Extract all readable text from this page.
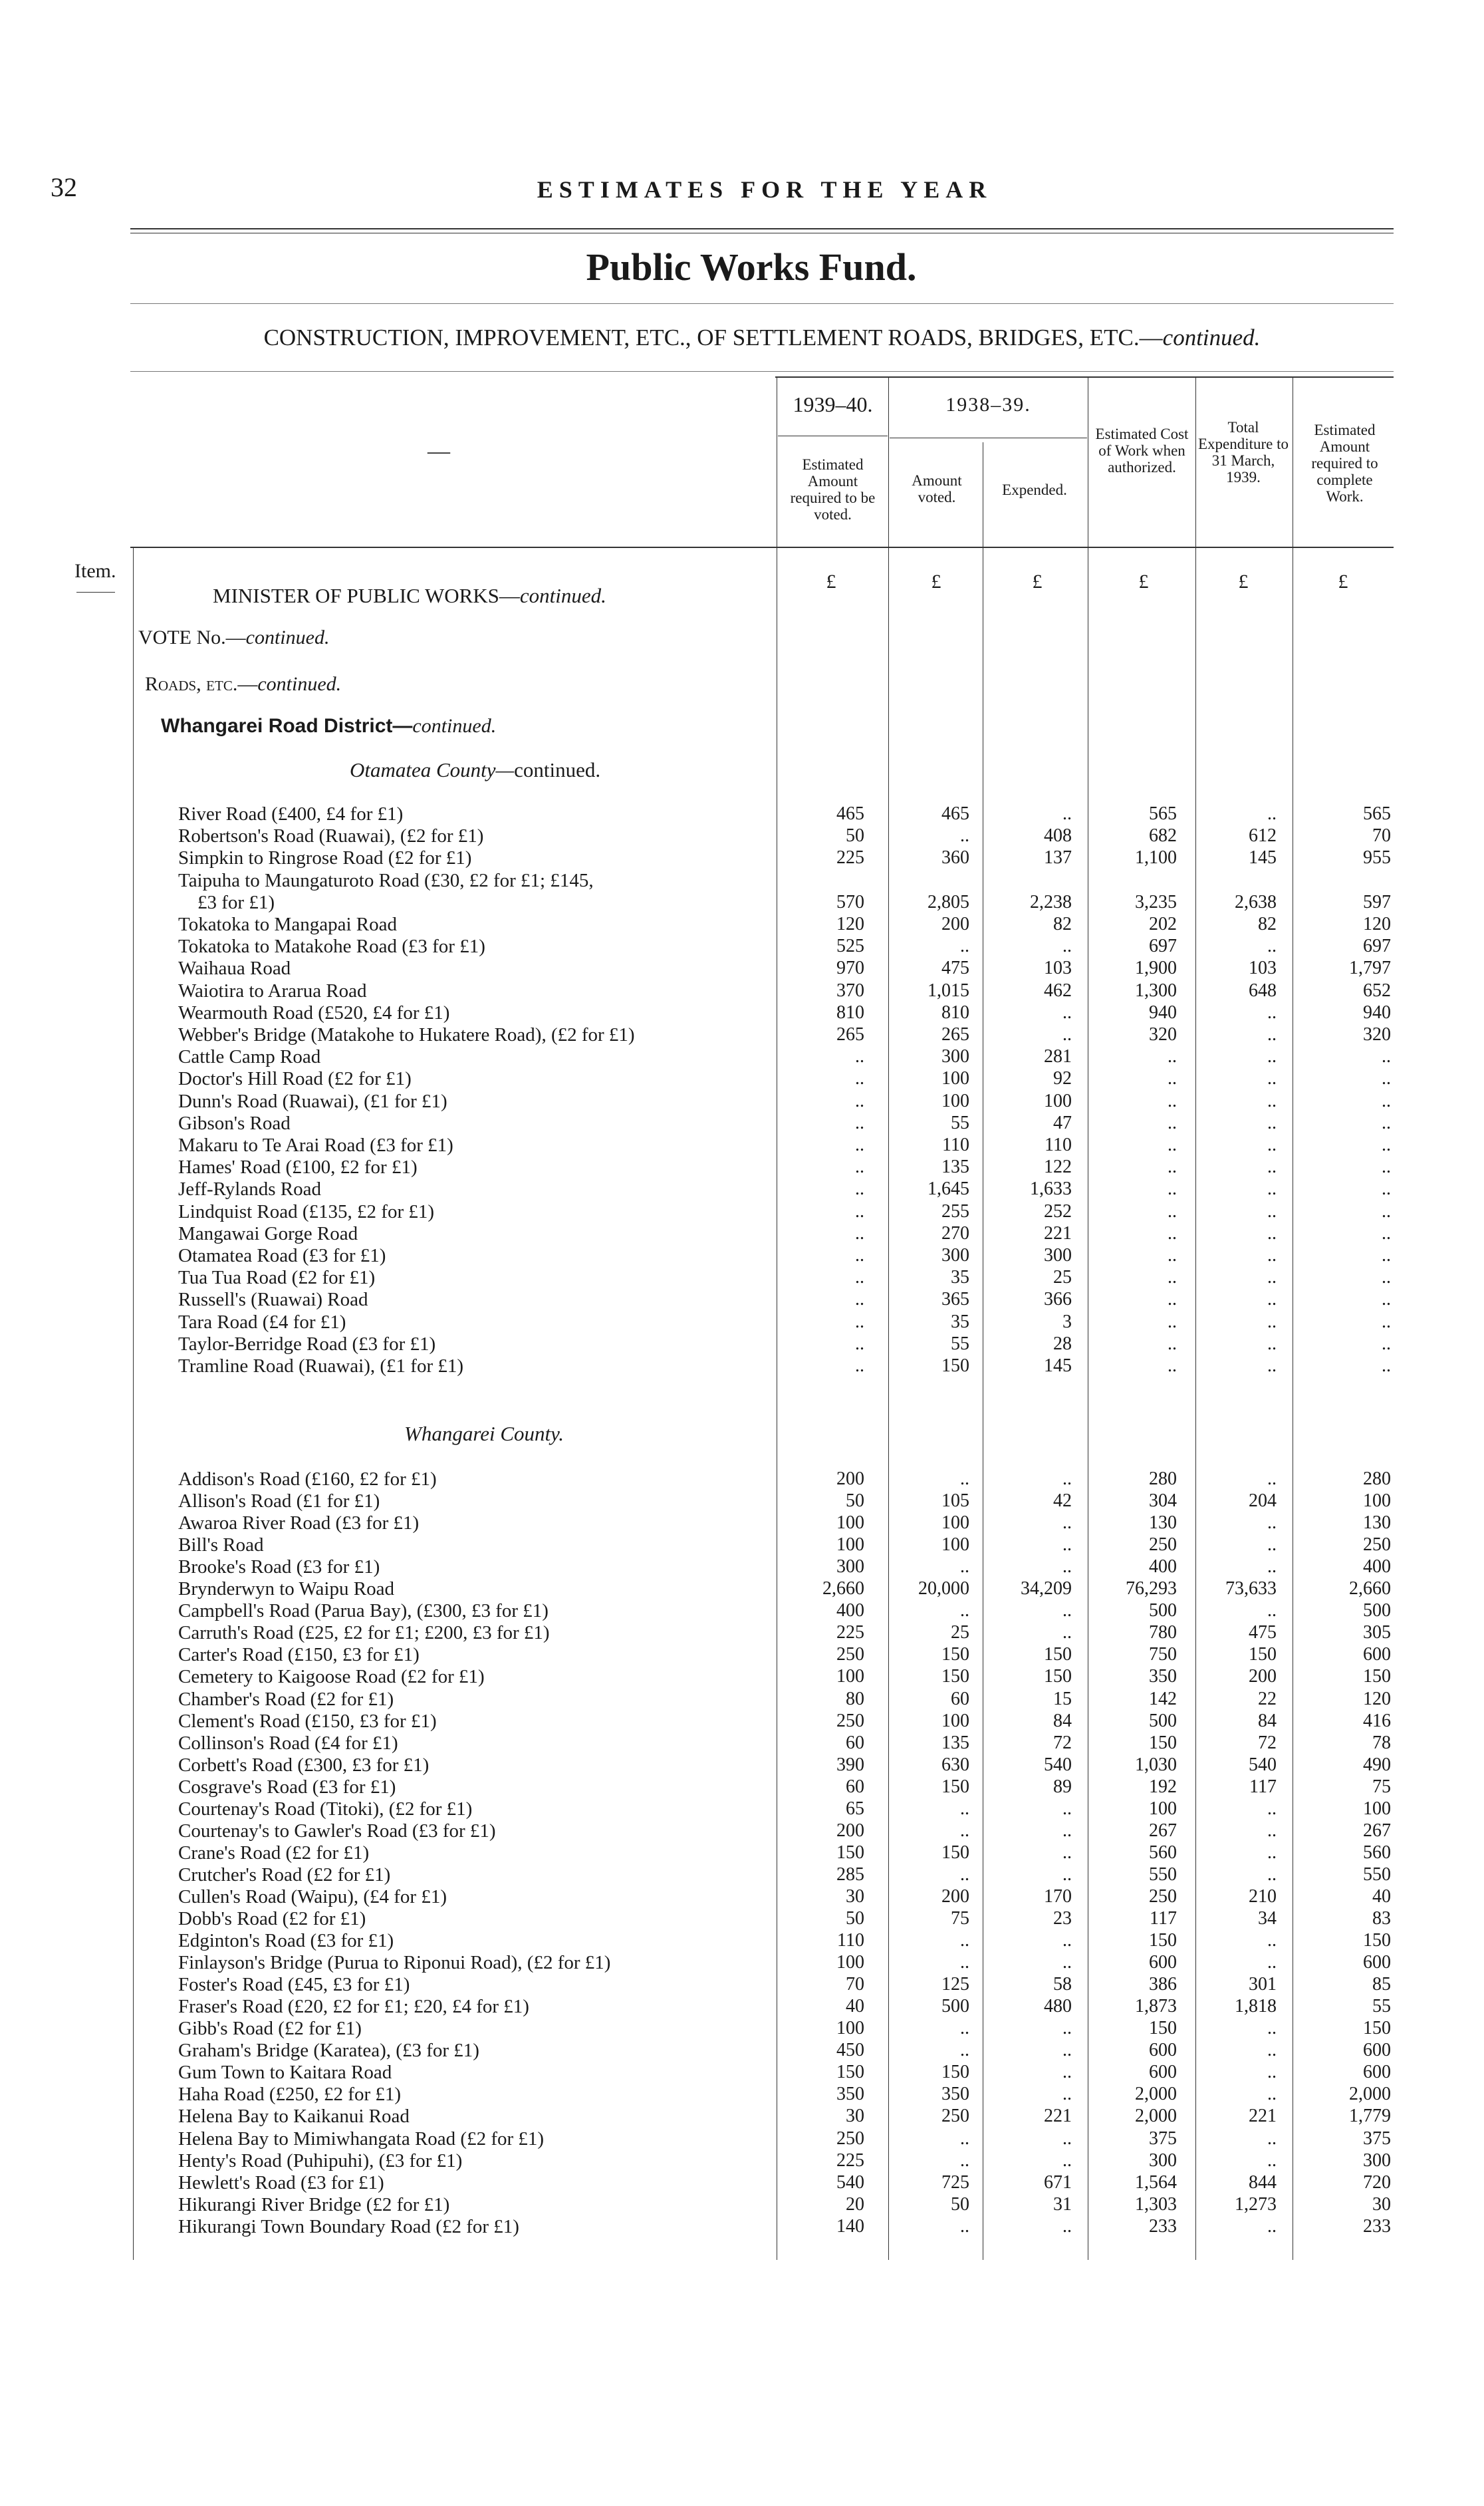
32	ESTIMATES FOR THE YEAR
Public Works Fund.
CONSTRUCTION, IMPROVEMENT, ETC., OF SETTLEMENT ROADS, BRIDGES, ETC.—continued.
—
1939–40.	1938–39.
Estimated Amount required to be voted.
Amount voted.	Expended.
Estimated Cost of Work when authorized.
Total Expenditure to 31 March, 1939.
Estimated Amount required to complete Work.
Item.	£	£	£	£	£	£
MINISTER OF PUBLIC WORKS—continued.
VOTE No.—continued.
Roads, etc.—continued.
Whangarei Road District—continued.
Otamatea County—continued.
River Road (£400, £4 for £1)	465	465	..	565	..	565
Robertson's Road (Ruawai), (£2 for £1)	50	..	408	682	612	70
Simpkin to Ringrose Road (£2 for £1)	225	360	137	1,100	145	955
Taipuha to Maungaturoto Road (£30, £2 for £1; £145,
£3 for £1)	570	2,805	2,238	3,235	2,638	597
Tokatoka to Mangapai Road	120	200	82	202	82	120
Tokatoka to Matakohe Road (£3 for £1)	525	..	..	697	..	697
Waihaua Road	970	475	103	1,900	103	1,797
Waiotira to Ararua Road	370	1,015	462	1,300	648	652
Wearmouth Road (£520, £4 for £1)	810	810	..	940	..	940
Webber's Bridge (Matakohe to Hukatere Road), (£2 for £1)	265	265	..	320	..	320
Cattle Camp Road	..	300	281	..	..	..
Doctor's Hill Road (£2 for £1)	..	100	92	..	..	..
Dunn's Road (Ruawai), (£1 for £1)	..	100	100	..	..	..
Gibson's Road	..	55	47	..	..	..
Makaru to Te Arai Road (£3 for £1)	..	110	110	..	..	..
Hames' Road (£100, £2 for £1)	..	135	122	..	..	..
Jeff-Rylands Road	..	1,645	1,633	..	..	..
Lindquist Road (£135, £2 for £1)	..	255	252	..	..	..
Mangawai Gorge Road	..	270	221	..	..	..
Otamatea Road (£3 for £1)	..	300	300	..	..	..
Tua Tua Road (£2 for £1)	..	35	25	..	..	..
Russell's (Ruawai) Road	..	365	366	..	..	..
Tara Road (£4 for £1)	..	35	3	..	..	..
Taylor-Berridge Road (£3 for £1)	..	55	28	..	..	..
Tramline Road (Ruawai), (£1 for £1)	..	150	145	..	..	..
Whangarei County.
Addison's Road (£160, £2 for £1)	200	..	..	280	..	280
Allison's Road (£1 for £1)	50	105	42	304	204	100
Awaroa River Road (£3 for £1)	100	100	..	130	..	130
Bill's Road	100	100	..	250	..	250
Brooke's Road (£3 for £1)	300	..	..	400	..	400
Brynderwyn to Waipu Road	2,660	20,000	34,209	76,293	73,633	2,660
Campbell's Road (Parua Bay), (£300, £3 for £1)	400	..	..	500	..	500
Carruth's Road (£25, £2 for £1; £200, £3 for £1)	225	25	..	780	475	305
Carter's Road (£150, £3 for £1)	250	150	150	750	150	600
Cemetery to Kaigoose Road (£2 for £1)	100	150	150	350	200	150
Chamber's Road (£2 for £1)	80	60	15	142	22	120
Clement's Road (£150, £3 for £1)	250	100	84	500	84	416
Collinson's Road (£4 for £1)	60	135	72	150	72	78
Corbett's Road (£300, £3 for £1)	390	630	540	1,030	540	490
Cosgrave's Road (£3 for £1)	60	150	89	192	117	75
Courtenay's Road (Titoki), (£2 for £1)	65	..	..	100	..	100
Courtenay's to Gawler's Road (£3 for £1)	200	..	..	267	..	267
Crane's Road (£2 for £1)	150	150	..	560	..	560
Crutcher's Road (£2 for £1)	285	..	..	550	..	550
Cullen's Road (Waipu), (£4 for £1)	30	200	170	250	210	40
Dobb's Road (£2 for £1)	50	75	23	117	34	83
Edginton's Road (£3 for £1)	110	..	..	150	..	150
Finlayson's Bridge (Purua to Riponui Road), (£2 for £1)	100	..	..	600	..	600
Foster's Road (£45, £3 for £1)	70	125	58	386	301	85
Fraser's Road (£20, £2 for £1; £20, £4 for £1)	40	500	480	1,873	1,818	55
Gibb's Road (£2 for £1)	100	..	..	150	..	150
Graham's Bridge (Karatea), (£3 for £1)	450	..	..	600	..	600
Gum Town to Kaitara Road	150	150	..	600	..	600
Haha Road (£250, £2 for £1)	350	350	..	2,000	..	2,000
Helena Bay to Kaikanui Road	30	250	221	2,000	221	1,779
Helena Bay to Mimiwhangata Road (£2 for £1)	250	..	..	375	..	375
Henty's Road (Puhipuhi), (£3 for £1)	225	..	..	300	..	300
Hewlett's Road (£3 for £1)	540	725	671	1,564	844	720
Hikurangi River Bridge (£2 for £1)	20	50	31	1,303	1,273	30
Hikurangi Town Boundary Road (£2 for £1)	140	..	..	233	..	233
